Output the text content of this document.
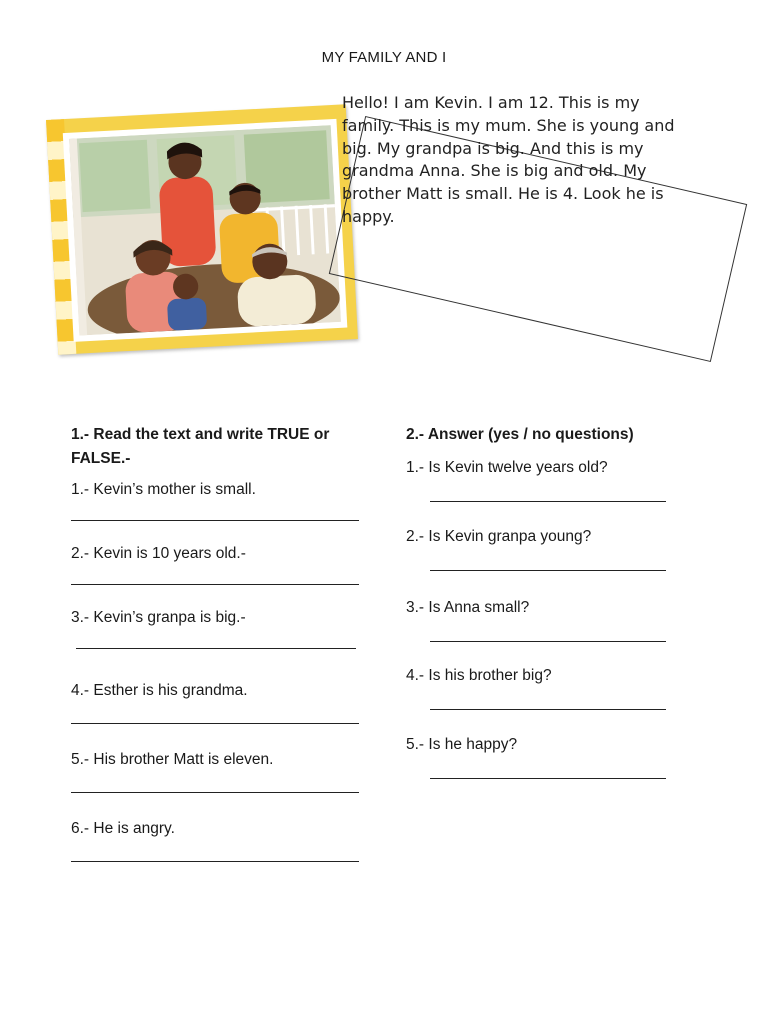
MY FAMILY AND I
Hello! I am Kevin. I am 12. This is my family. This is my mum. She is young and big. My grandpa is big. And this is my grandma Anna. She is big and old. My brother Matt is small. He is 4. Look he is happy.
1.- Read the text and write TRUE or FALSE.-
1.- Kevin’s mother is small.
2.- Kevin is 10 years old.-
3.- Kevin’s granpa is big.-
4.- Esther is his grandma.
5.- His brother Matt is eleven.
6.- He is angry.
2.- Answer (yes / no questions)
1.- Is Kevin twelve years old?
2.- Is Kevin granpa young?
3.- Is Anna small?
4.- Is his brother big?
5.- Is he happy?
